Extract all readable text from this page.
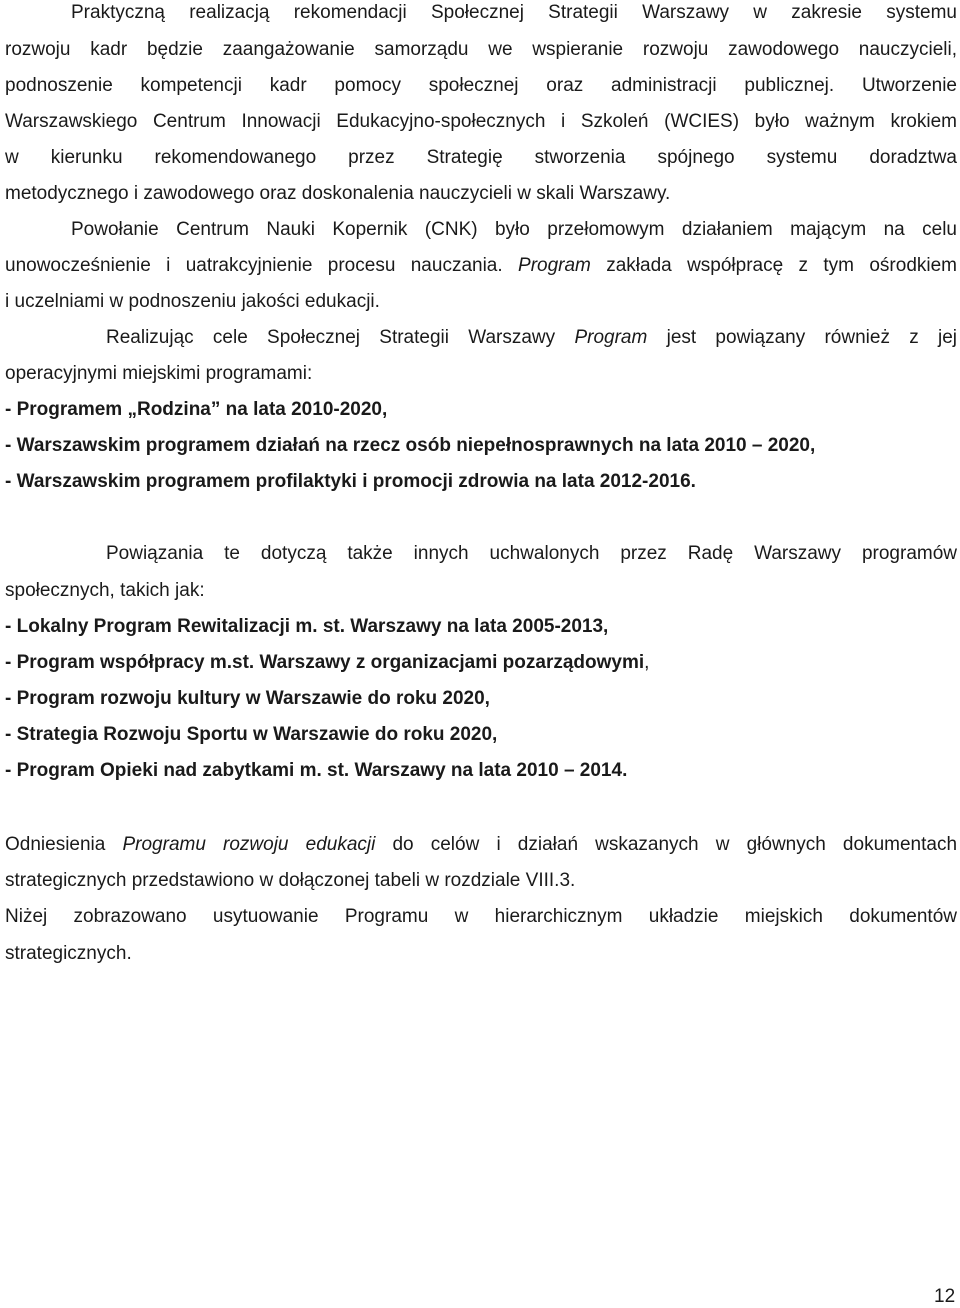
Praktyczną realizacją rekomendacji Społecznej Strategii Warszawy w zakresie systemu
rozwoju kadr będzie zaangażowanie samorządu we wspieranie rozwoju zawodowego nauczycieli,
podnoszenie kompetencji kadr pomocy społecznej oraz administracji publicznej. Utworzenie
Warszawskiego Centrum Innowacji Edukacyjno-społecznych i Szkoleń (WCIES) było ważnym krokiem
w kierunku rekomendowanego przez Strategię stworzenia spójnego systemu doradztwa
metodycznego i zawodowego oraz doskonalenia nauczycieli w skali Warszawy.
Powołanie Centrum Nauki Kopernik (CNK) było przełomowym działaniem mającym na celu
unowocześnienie i uatrakcyjnienie procesu nauczania. Program zakłada współpracę z tym ośrodkiem
i uczelniami w podnoszeniu jakości edukacji.
Realizując cele Społecznej Strategii Warszawy Program jest powiązany również z jej
operacyjnymi miejskimi programami:
- Programem „Rodzina” na lata 2010-2020,
- Warszawskim programem działań na rzecz osób niepełnosprawnych na lata 2010 – 2020,
- Warszawskim programem profilaktyki i promocji zdrowia na lata 2012-2016.
Powiązania te dotyczą także innych uchwalonych przez Radę Warszawy programów
społecznych, takich jak:
- Lokalny Program Rewitalizacji m. st. Warszawy na lata 2005-2013,
- Program współpracy m.st. Warszawy z organizacjami pozarządowymi,
- Program rozwoju kultury w Warszawie do roku 2020,
- Strategia Rozwoju Sportu w Warszawie do roku 2020,
- Program Opieki nad zabytkami m. st. Warszawy na lata 2010 – 2014.
Odniesienia Programu rozwoju edukacji do celów i działań wskazanych w głównych dokumentach
strategicznych przedstawiono w dołączonej tabeli w rozdziale VIII.3.
Niżej zobrazowano usytuowanie Programu w hierarchicznym układzie miejskich dokumentów
strategicznych.
12
